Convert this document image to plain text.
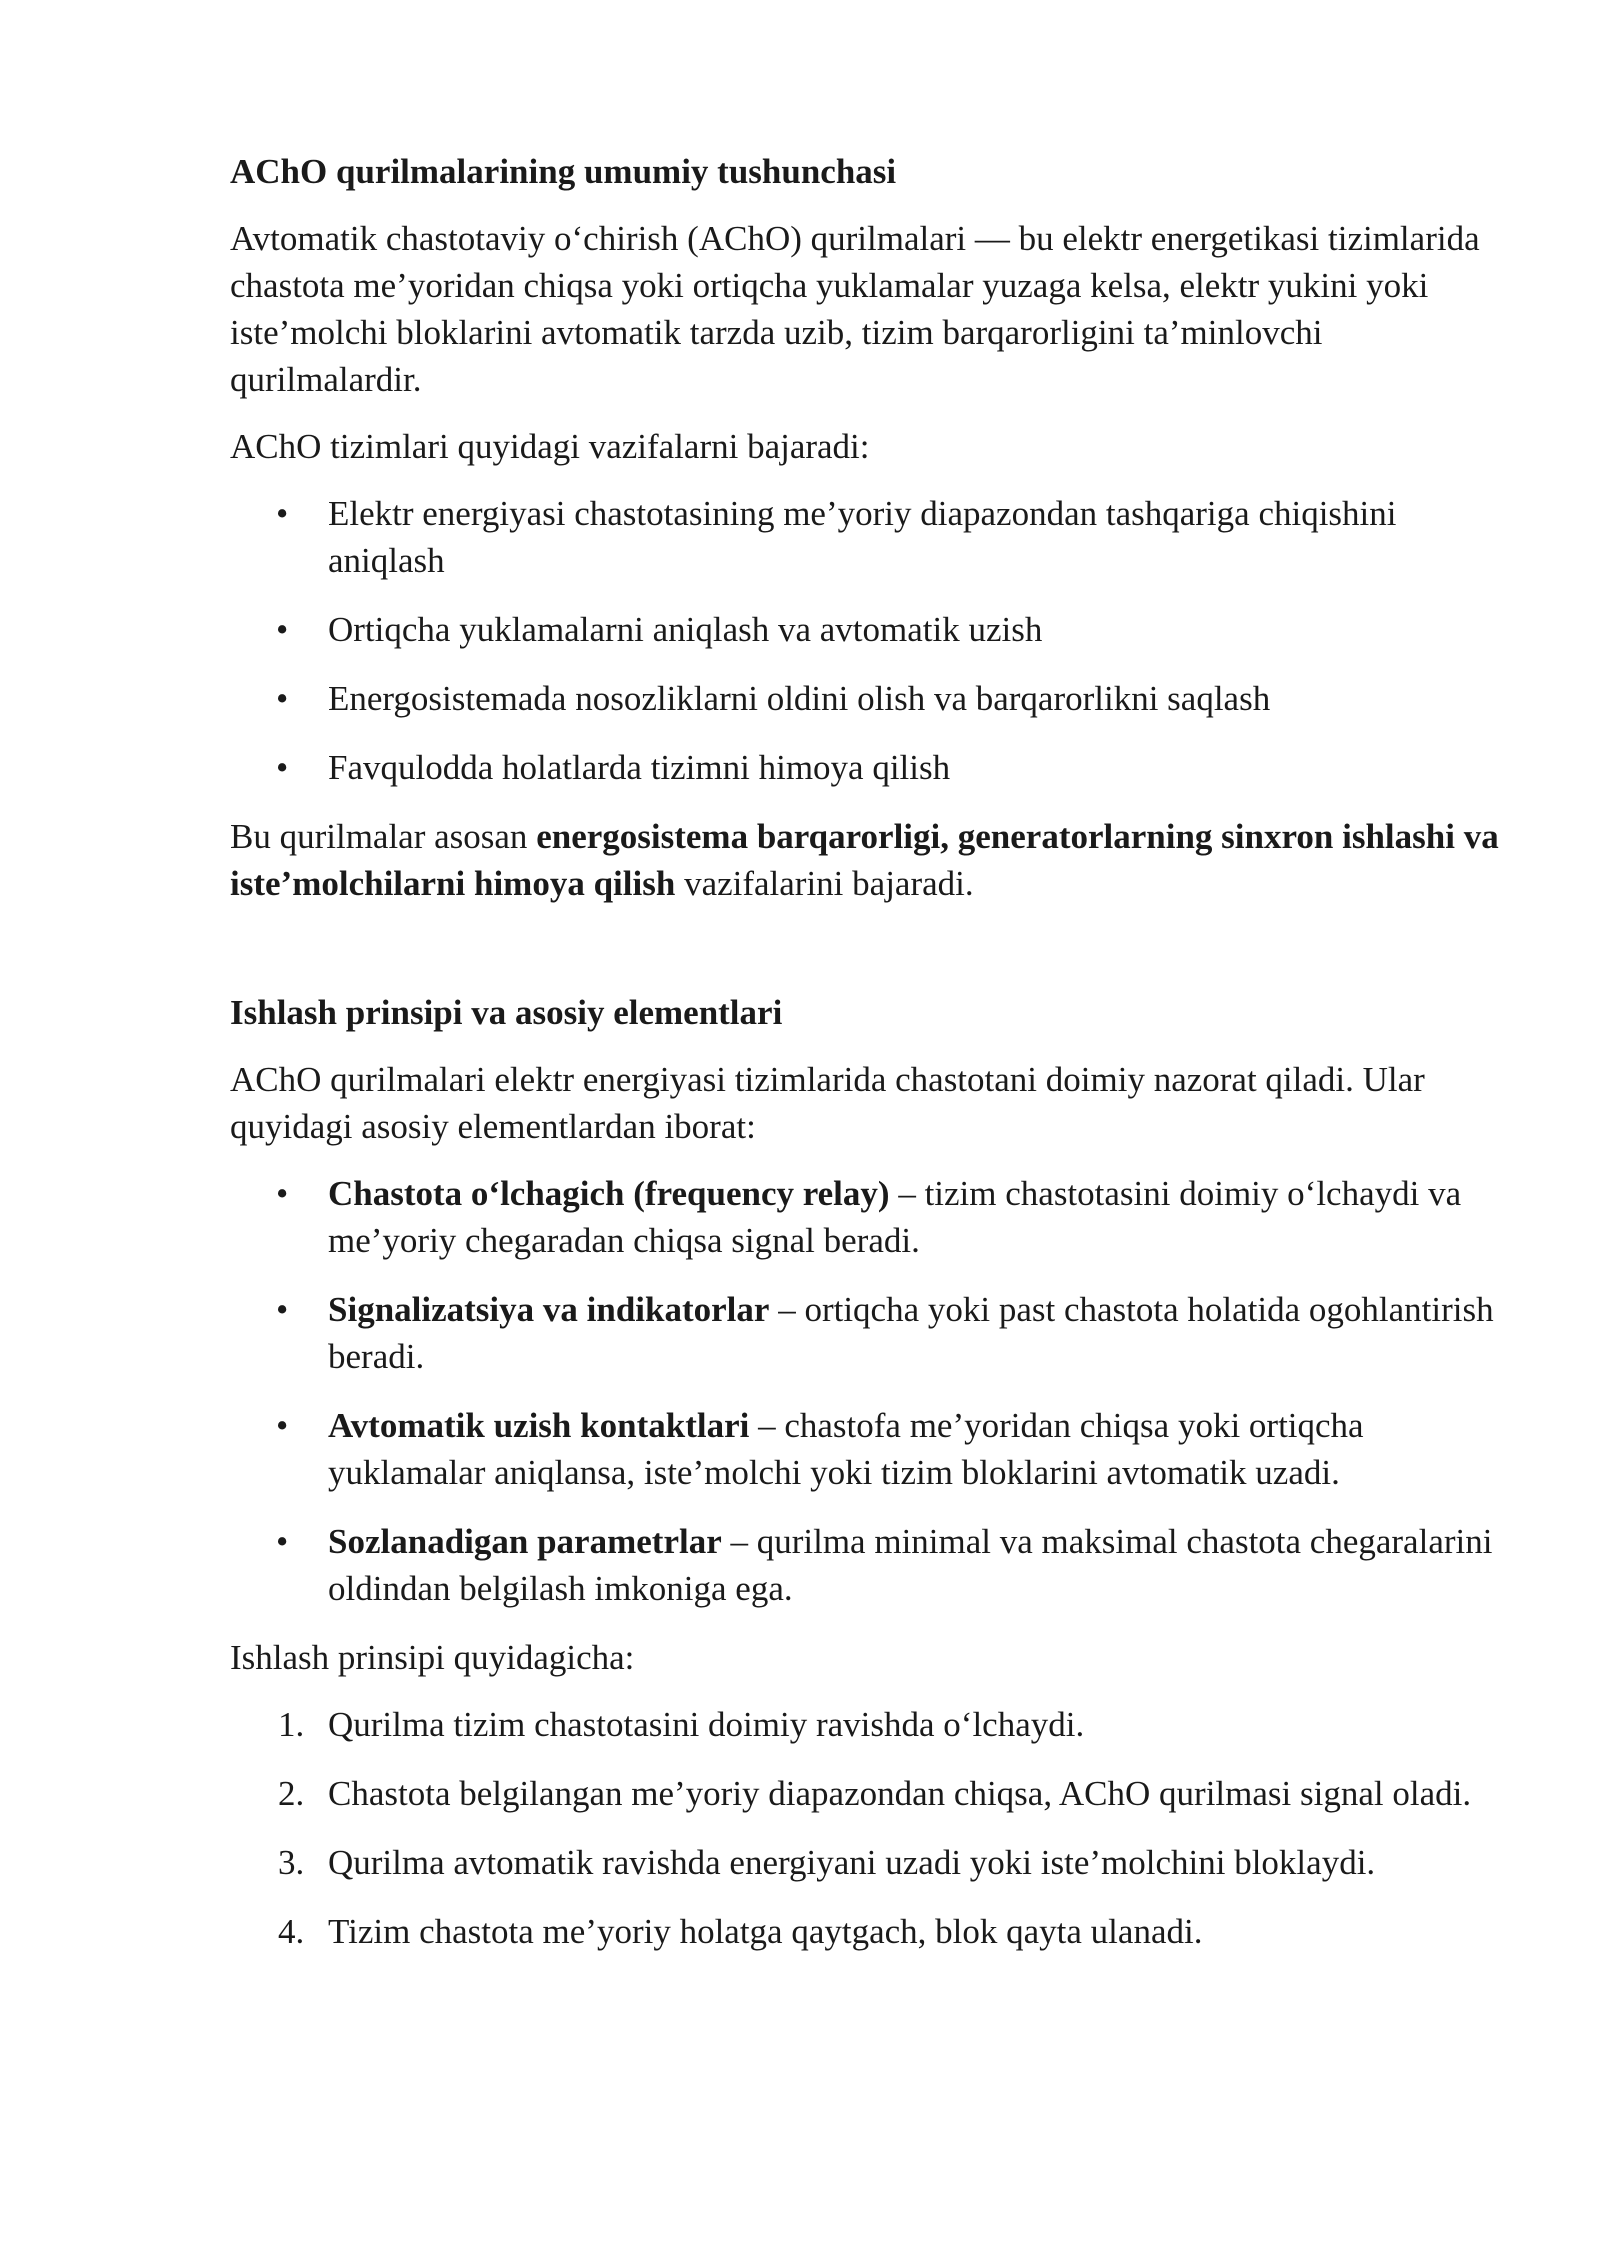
AChO qurilmalarining umumiy tushunchasi

Avtomatik chastotaviy o‘chirish (AChO) qurilmalari — bu elektr energetikasi tizimlarida chastota me’yoridan chiqsa yoki ortiqcha yuklamalar yuzaga kelsa, elektr yukini yoki iste’molchi bloklarini avtomatik tarzda uzib, tizim barqarorligini ta’minlovchi qurilmalardir.

AChO tizimlari quyidagi vazifalarni bajaradi:

• Elektr energiyasi chastotasining me’yoriy diapazondan tashqariga chiqishini aniqlash
• Ortiqcha yuklamalarni aniqlash va avtomatik uzish
• Energosistemada nosozliklarni oldini olish va barqarorlikni saqlash
• Favqulodda holatlarda tizimni himoya qilish

Bu qurilmalar asosan energosistema barqarorligi, generatorlarning sinxron ishlashi va iste’molchilarni himoya qilish vazifalarini bajaradi.

Ishlash prinsipi va asosiy elementlari

AChO qurilmalari elektr energiyasi tizimlarida chastotani doimiy nazorat qiladi. Ular quyidagi asosiy elementlardan iborat:

• Chastota o‘lchagich (frequency relay) – tizim chastotasini doimiy o‘lchaydi va me’yoriy chegaradan chiqsa signal beradi.
• Signalizatsiya va indikatorlar – ortiqcha yoki past chastota holatida ogohlantirish beradi.
• Avtomatik uzish kontaktlari – chastofa me’yoridan chiqsa yoki ortiqcha yuklamalar aniqlansa, iste’molchi yoki tizim bloklarini avtomatik uzadi.
• Sozlanadigan parametrlar – qurilma minimal va maksimal chastota chegaralarini oldindan belgilash imkoniga ega.

Ishlash prinsipi quyidagicha:

1. Qurilma tizim chastotasini doimiy ravishda o‘lchaydi.
2. Chastota belgilangan me’yoriy diapazondan chiqsa, AChO qurilmasi signal oladi.
3. Qurilma avtomatik ravishda energiyani uzadi yoki iste’molchini bloklaydi.
4. Tizim chastota me’yoriy holatga qaytgach, blok qayta ulanadi.
